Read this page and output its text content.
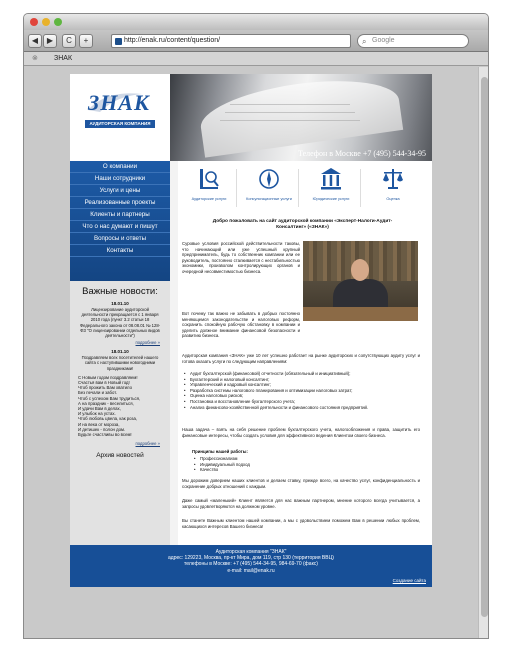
◀	▶	C	+	http://enak.ru/content/question/	⌕ Google
⊗ ЗНАК
ЗНАК
АУДИТОРСКАЯ КОМПАНИЯ
Телефон в Москве +7 (495) 544-34-95
О компании
Наши сотрудники
Услуги и цены
Реализованные проекты
Клиенты и партнеры
Что о нас думают и пишут
Вопросы и ответы
Контакты
Важные новости:
18.01.10
Лицензирование аудиторской деятельности прекращается с 1 января 2010 года (пункт 3.2 статьи 18 Федерального закона от 08.08.01 № 128-ФЗ "О лицензировании отдельных видов деятельности")
подробнее »
18.01.10
Поздравляем всех посетителей нашего сайта с наступившими новогодними праздниками!
С Новым годом поздравляем!
Счастья вам в Новый год!
Чтоб прожить Вам хватило
Без печали и забот.
Чтоб с успехом Вам трудиться,
А на праздник - веселиться,
И удачи Вам в делах,
И улыбок на устах.
Чтоб любовь цвела, как роза,
И на века от мороза,
И детишек - полон дом.
Будьте счастливы во всем!
подробнее »
Архив новостей
Аудиторские услуги	Консультационные услуги	Юридические услуги	Оценка
Добро пожаловать на сайт аудиторской компании «Эксперт-Налоги-Аудит-Консалтинг» («ЗНАК»)
Суровые условия российской действительности таковы, что начинающий или уже успешный крупный предприниматель, будь то собственник компании или ее руководитель, постоянно сталкивается с нестабильностью экономики, произволом контролирующих органов и очередной несовместимостью бизнеса.
Вот почему так важно не забывать в добрых постоянно меняющемся законодательстве и налоговых реформ, сохранить спокойную рабочую обстановку в компании и уделить должное внимание финансовой безопасности и развитию бизнеса.
Аудиторская компания «ЗНАК» уже 10 лет успешно работает на рынке аудиторских и сопутствующих аудиту услуг и готова оказать услуги по следующим направлениям:
• Аудит бухгалтерской (финансовой) отчетности (обязательный и инициативный);
• Бухгалтерский и налоговый консалтинг;
• Управленческий и кадровый консалтинг;
• Разработка системы налогового планирования и оптимизации налоговых затрат;
• Оценка налоговых рисков;
• Постановка и восстановление бухгалтерского учета;
• Анализ финансово-хозяйственной деятельности и финансового состояния предприятий.
Наша задача – взять на себя решение проблем бухгалтерского учета, налогообложения и права, защитить его финансовые интересы, чтобы создать условия для эффективного ведения Клиентом своего бизнеса.
Принципы нашей работы:
• Профессионализм
• Индивидуальный подход
• Качество
Мы дорожим доверием наших клиентов и делаем ставку, прежде всего, на качество услуг, конфиденциальность и сохранение добрых отношений с каждым.
Даже самый «маленький» Клиент является для нас важным партнером, мнение которого всегда учитывается, а запросы удовлетворяются на должном уровне.
Вы станете Важным клиентом нашей компании, а мы с удовольствием поможем Вам в решении любых проблем, касающихся интересов Вашего бизнеса!
Аудиторская компания "ЗНАК"
адрес: 129223, Москва, пр-кт Мира, дом 119, стр 130 (территория ВВЦ)
телефоны в Москве: +7 (495) 544-34-95, 984-69-70 (факс)
e-mail: mail@enak.ru
Создание сайта
